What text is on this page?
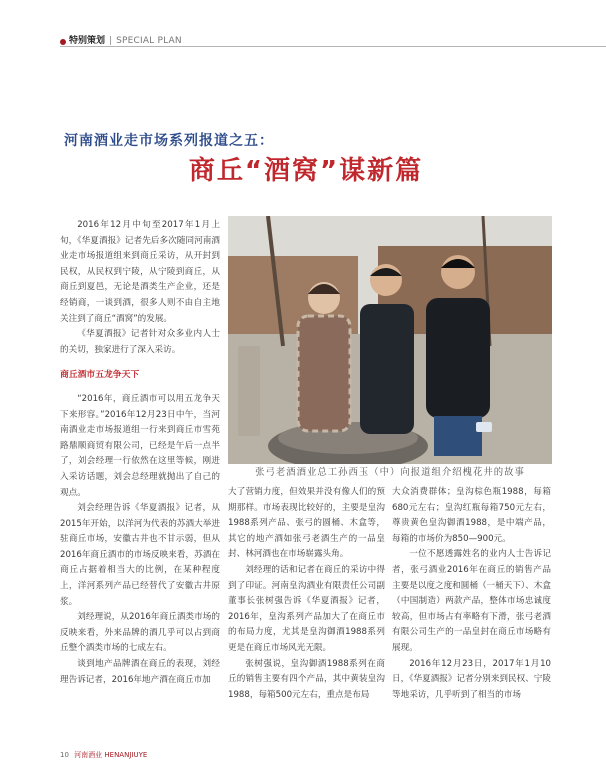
特别策划 | SPECIAL PLAN
河南酒业走市场系列报道之五：
商丘“酒窝”谋新篇

2016年12月中旬至2017年1月上旬，《华夏酒报》记者先后多次随同河南酒业走市场报道组来到商丘采访，从开封到民权，从民权到宁陵，从宁陵到商丘，从商丘到夏邑，无论是酒类生产企业，还是经销商，一谈到酒，很多人则不由自主地关注到了商丘“酒窝”的发展。

《华夏酒报》记者针对众多业内人士的关切，独家进行了深入采访。

商丘酒市五龙争天下

“2016年，商丘酒市可以用五龙争天下来形容。”2016年12月23日中午，当河南酒业走市场报道组一行来到商丘市雪苑路鼎顺商贸有限公司，已经是午后一点半了，刘会经理一行依然在这里等候，刚进入采访话题，刘会总经理就抛出了自己的观点。

刘会经理告诉《华夏酒报》记者，从2015年开始，以洋河为代表的苏酒大举进驻商丘市场，安徽古井也不甘示弱，但从2016年商丘酒市的市场反映来看，苏酒在商丘占据着相当大的比例，在某种程度上，洋河系列产品已经替代了安徽古井原浆。

刘经理说，从2016年商丘酒类市场的反映来看，外来品牌的酒几乎可以占到商丘整个酒类市场的七成左右。

谈到地产品牌酒在商丘的表现，刘经理告诉记者，2016年地产酒在商丘市加

张弓老酒酒业总工孙西玉（中）向报道组介绍槐花井的故事

大了营销力度，但效果并没有像人们的预期那样。市场表现比较好的，主要是皇沟1988系列产品、张弓的圆桶、木盒等，其它的地产酒如张弓老酒生产的一品皇封、林河酒也在市场崭露头角。

刘经理的话和记者在商丘的采访中得到了印证。河南皇沟酒业有限责任公司副董事长张树强告诉《华夏酒报》记者，2016年，皇沟系列产品加大了在商丘市的布局力度，尤其是皇沟御酒1988系列更是在商丘市场风光无限。

张树强说，皇沟御酒1988系列在商丘的销售主要有四个产品，其中黄装皇沟1988，每箱500元左右，重点是布局

大众消费群体；皇沟棕色瓶1988，每箱680元左右；皇沟红瓶每箱750元左右，尊贵黄色皇沟御酒1988，是中端产品，每箱的市场价为850—900元。

一位不愿透露姓名的业内人士告诉记者，张弓酒业2016年在商丘的销售产品主要是以度之度和圆桶（一桶天下）、木盒（中国制造）两款产品，整体市场忠诚度较高，但市场占有率略有下滑，张弓老酒有限公司生产的一品皇封在商丘市场略有展现。

2016年12月23日，2017年1月10日，《华夏酒报》记者分别来到民权、宁陵等地采访，几乎听到了相当的市场

10 河南酒业 HENANJIUYE
